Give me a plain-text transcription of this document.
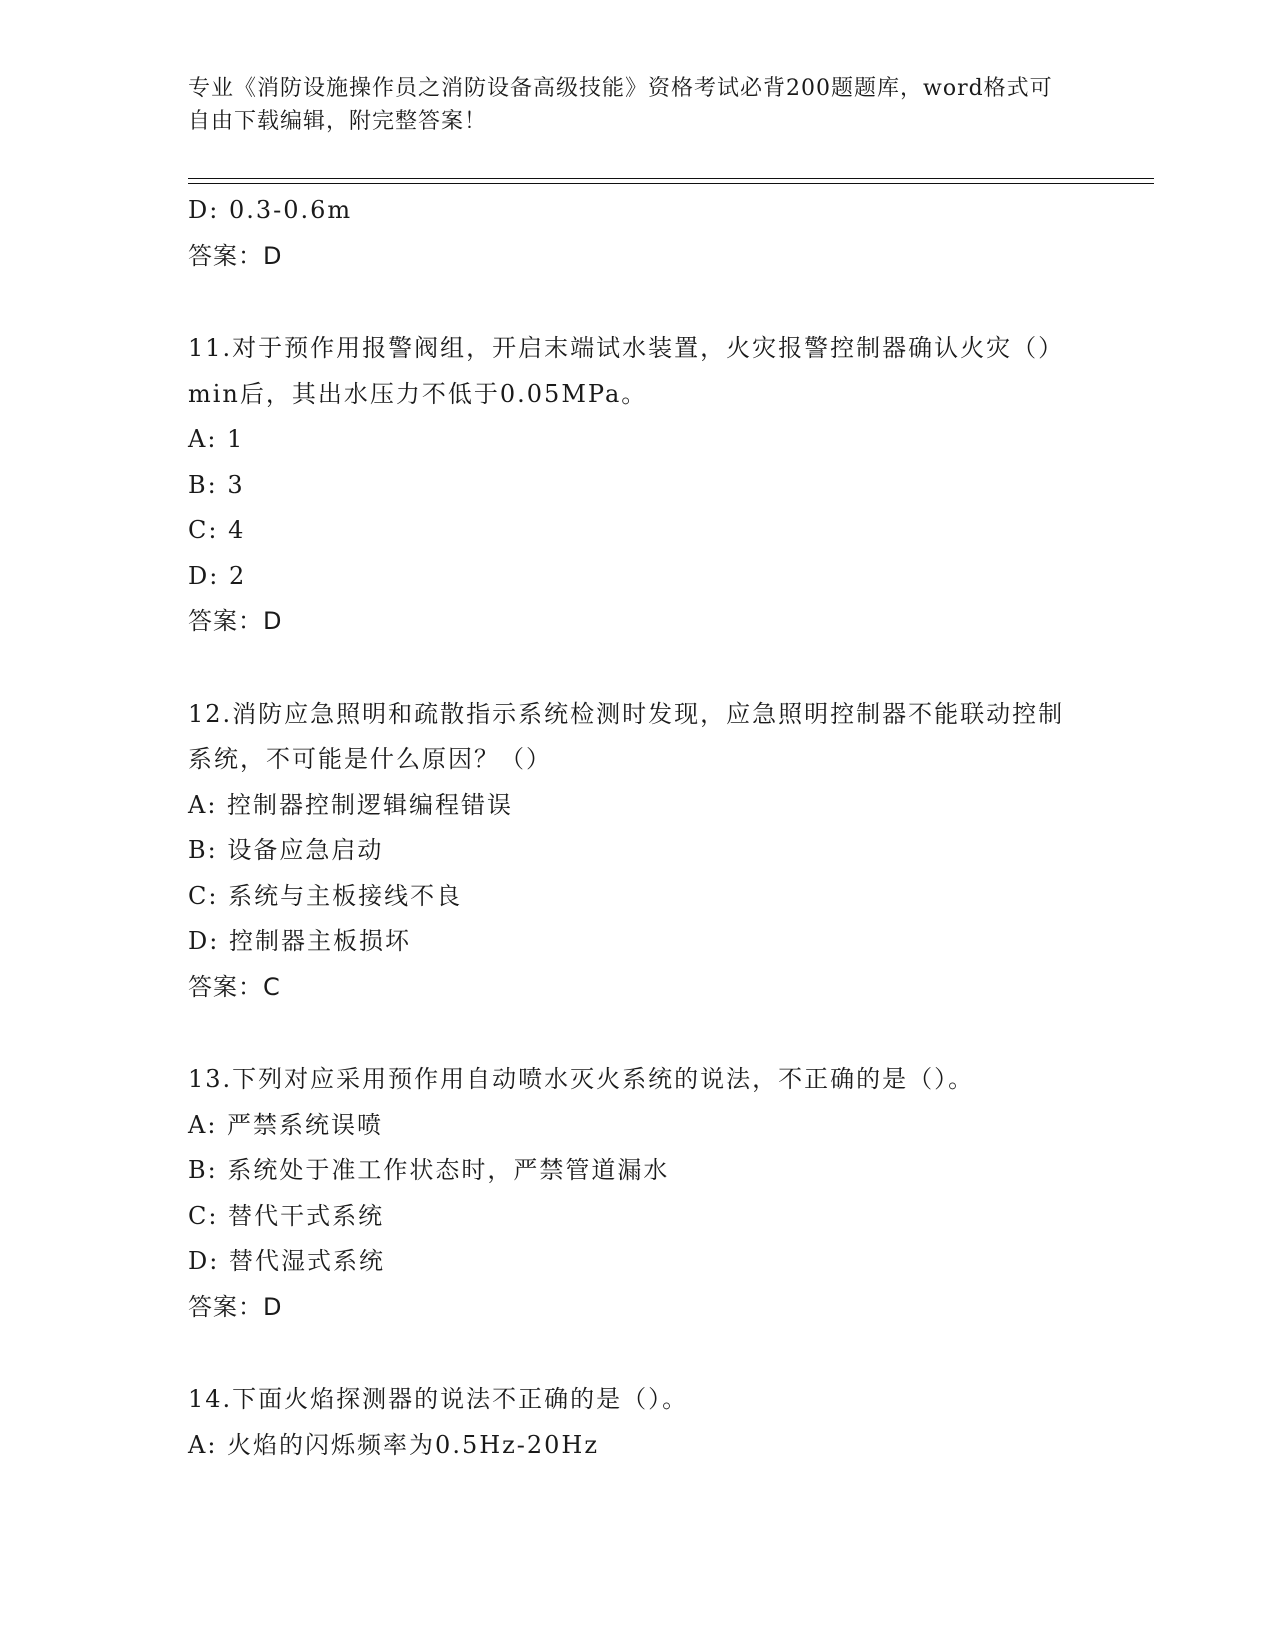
专业《消防设施操作员之消防设备高级技能》资格考试必背200题题库，word格式可自由下载编辑，附完整答案！
D: 0.3-0.6m
答案：D
11.对于预作用报警阀组，开启末端试水装置，火灾报警控制器确认火灾（）min后，其出水压力不低于0.05MPa。
A: 1
B: 3
C: 4
D: 2
答案：D
12.消防应急照明和疏散指示系统检测时发现，应急照明控制器不能联动控制系统，不可能是什么原因？（）
A: 控制器控制逻辑编程错误
B: 设备应急启动
C: 系统与主板接线不良
D: 控制器主板损坏
答案：C
13.下列对应采用预作用自动喷水灭火系统的说法，不正确的是（）。
A: 严禁系统误喷
B: 系统处于准工作状态时，严禁管道漏水
C: 替代干式系统
D: 替代湿式系统
答案：D
14.下面火焰探测器的说法不正确的是（）。
A: 火焰的闪烁频率为0.5Hz-20Hz
